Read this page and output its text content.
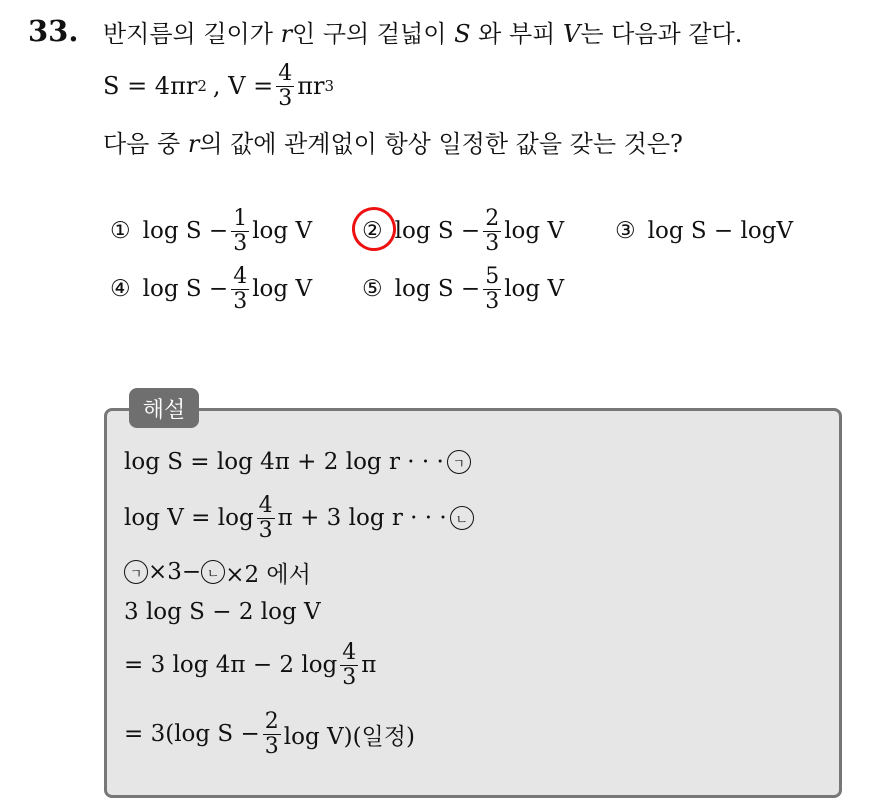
33. 반지름의 길이가 r인 구의 겉넓이 S 와 부피 V는 다음과 같다.
S = 4πr 2 , $V = \frac{4}{3}$ πr 3
다음 중 r의 값에 관계없이 항상 일정한 값을 갖는 것은?
① $\log S - \frac{1}{3}$ log V ② $\log S - \frac{2}{3}$ log V ③ log S − logV
④ $\log S - \frac{4}{3}$ log V ⑤ $\log S - \frac{5}{3}$ log V
해설
log S = log 4π + 2 log r · · · ㄱ
$\log V = \log \frac{4}{3}$ π + 3 log r · · · ㄴ
ㄱ ×3− ㄴ ×2 에서
3 log S − 2 log V
= 3 log 4π − 2 $\log \frac{4}{3}$ π
= 3(log $S - \frac{2}{3}$ log V)(일정)
